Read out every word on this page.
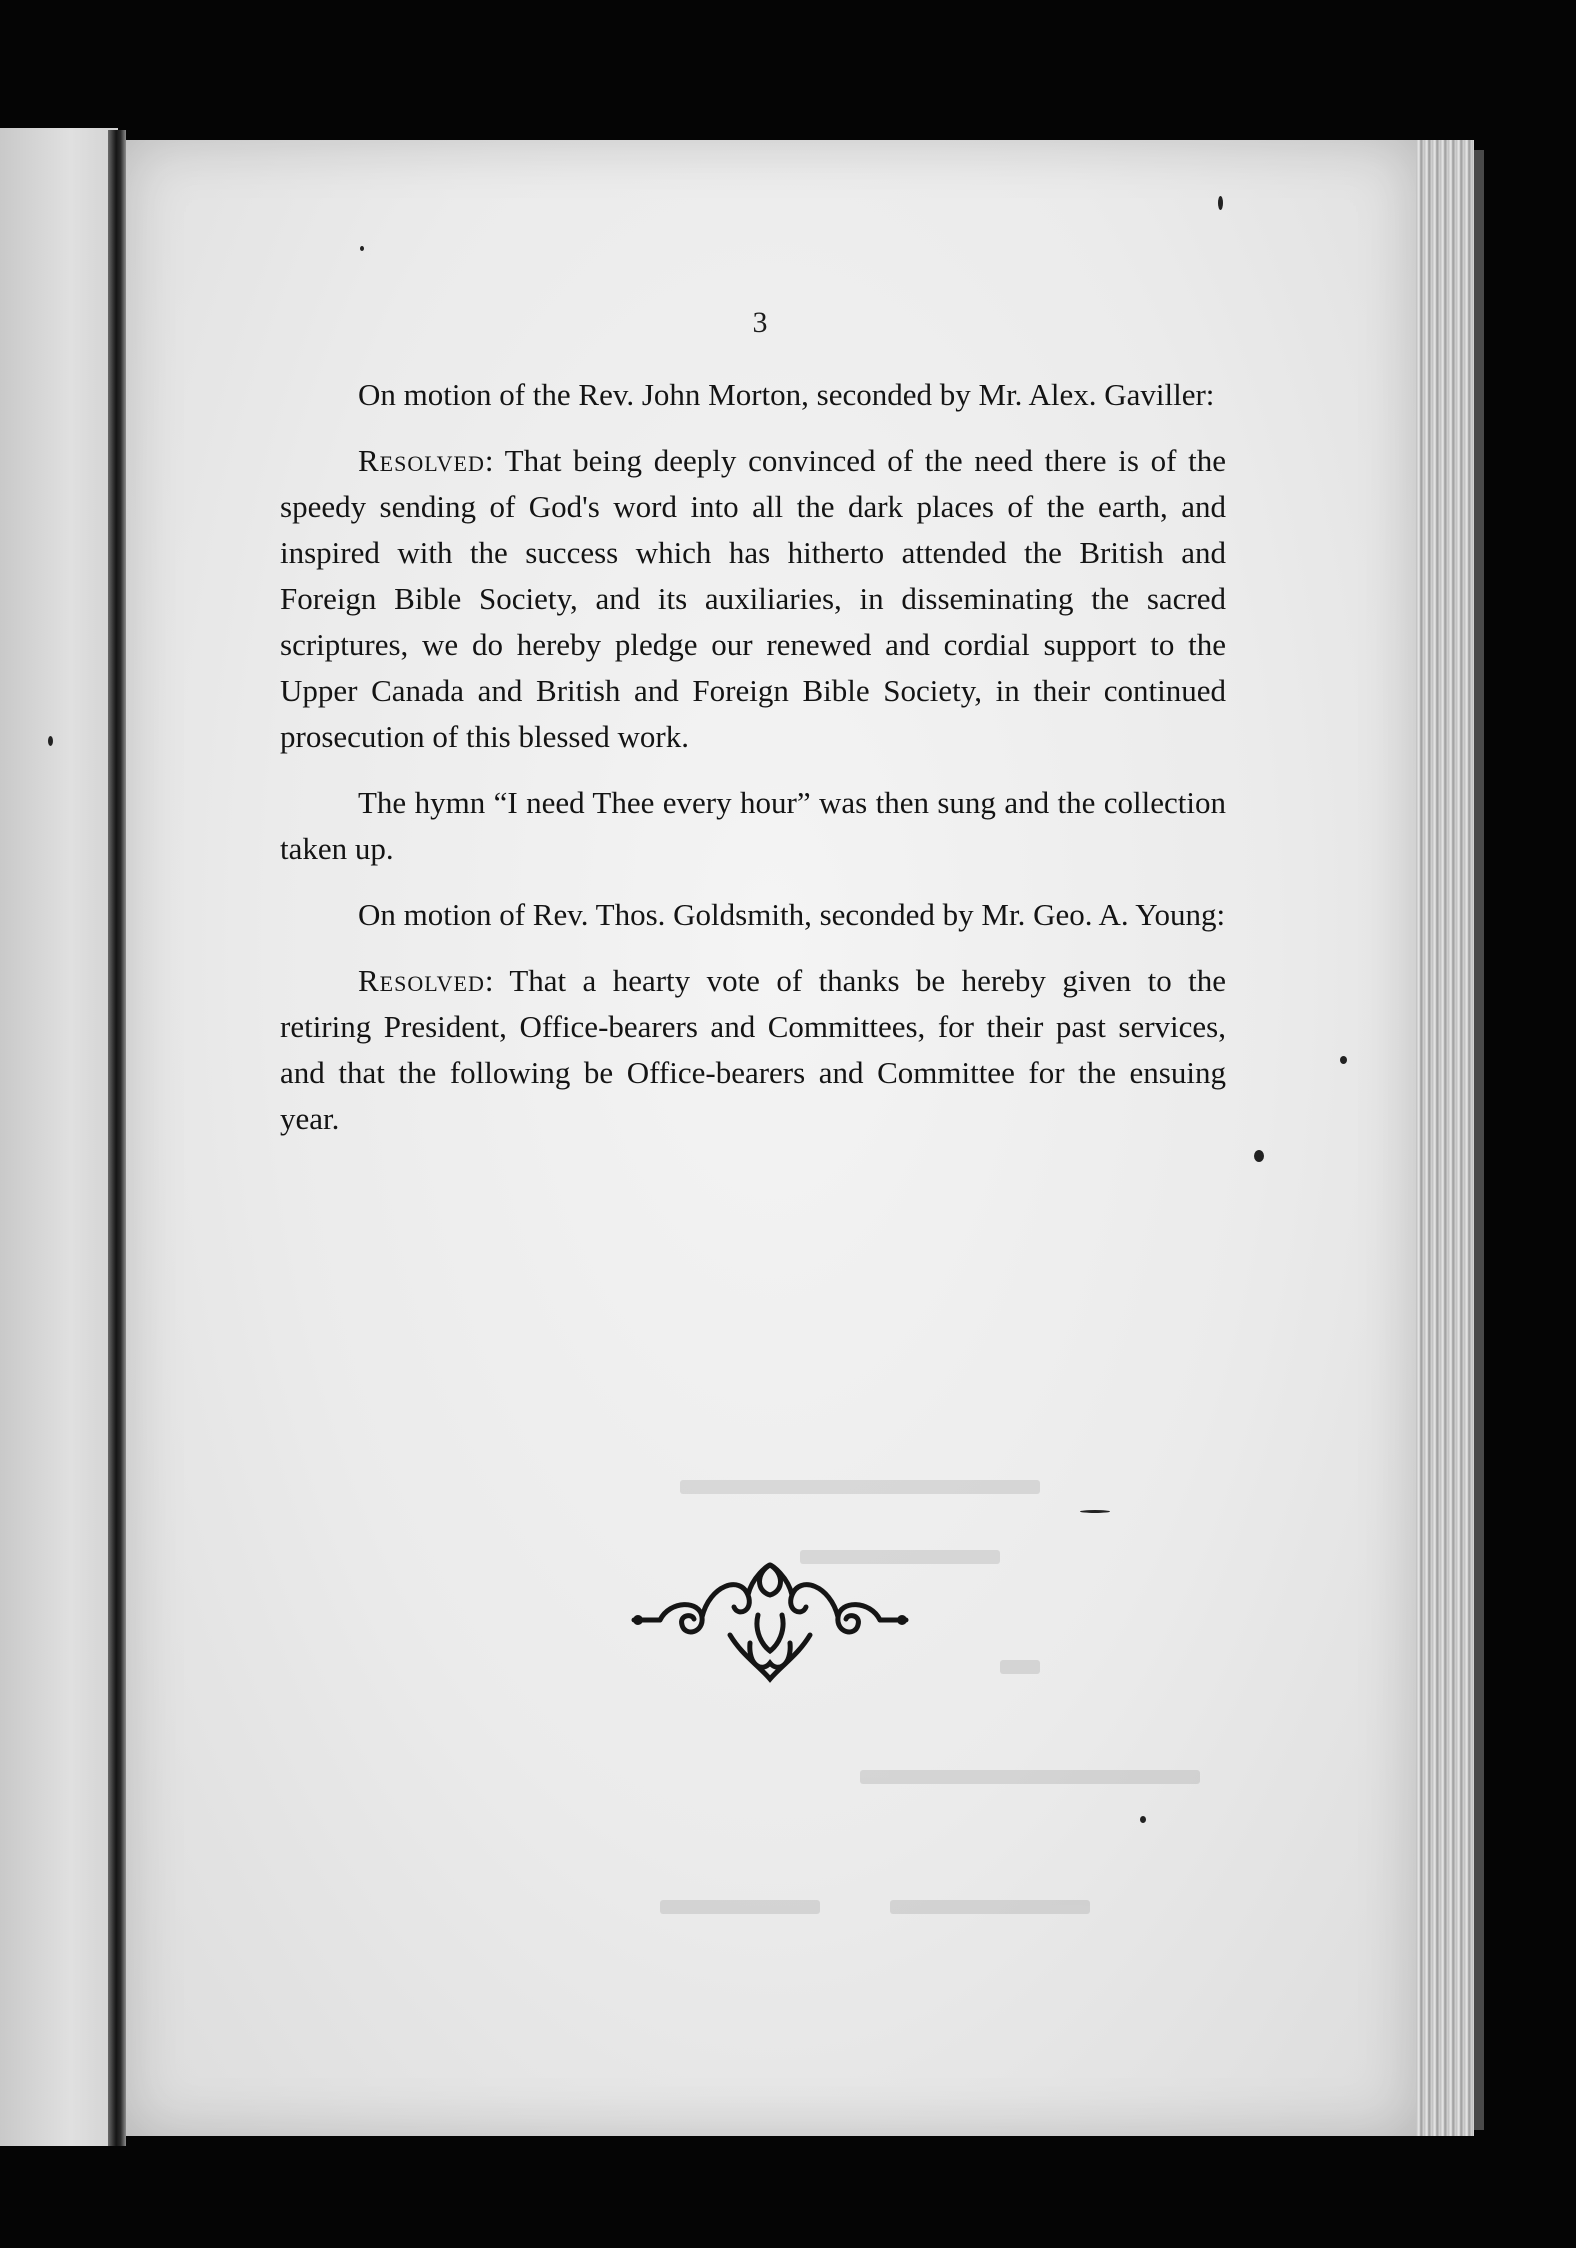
3

On motion of the Rev. John Morton, seconded by Mr. Alex. Gaviller:

Resolved: That being deeply convinced of the need there is of the speedy sending of God's word into all the dark places of the earth, and inspired with the success which has hitherto attended the British and Foreign Bible Society, and its auxiliaries, in disseminating the sacred scriptures, we do hereby pledge our renewed and cordial support to the Upper Canada and British and Foreign Bible Society, in their continued prosecution of this blessed work.

The hymn “I need Thee every hour” was then sung and the collection taken up.

On motion of Rev. Thos. Goldsmith, seconded by Mr. Geo. A. Young:

Resolved: That a hearty vote of thanks be hereby given to the retiring President, Office-bearers and Committees, for their past services, and that the following be Office-bearers and Committee for the ensuing year.
